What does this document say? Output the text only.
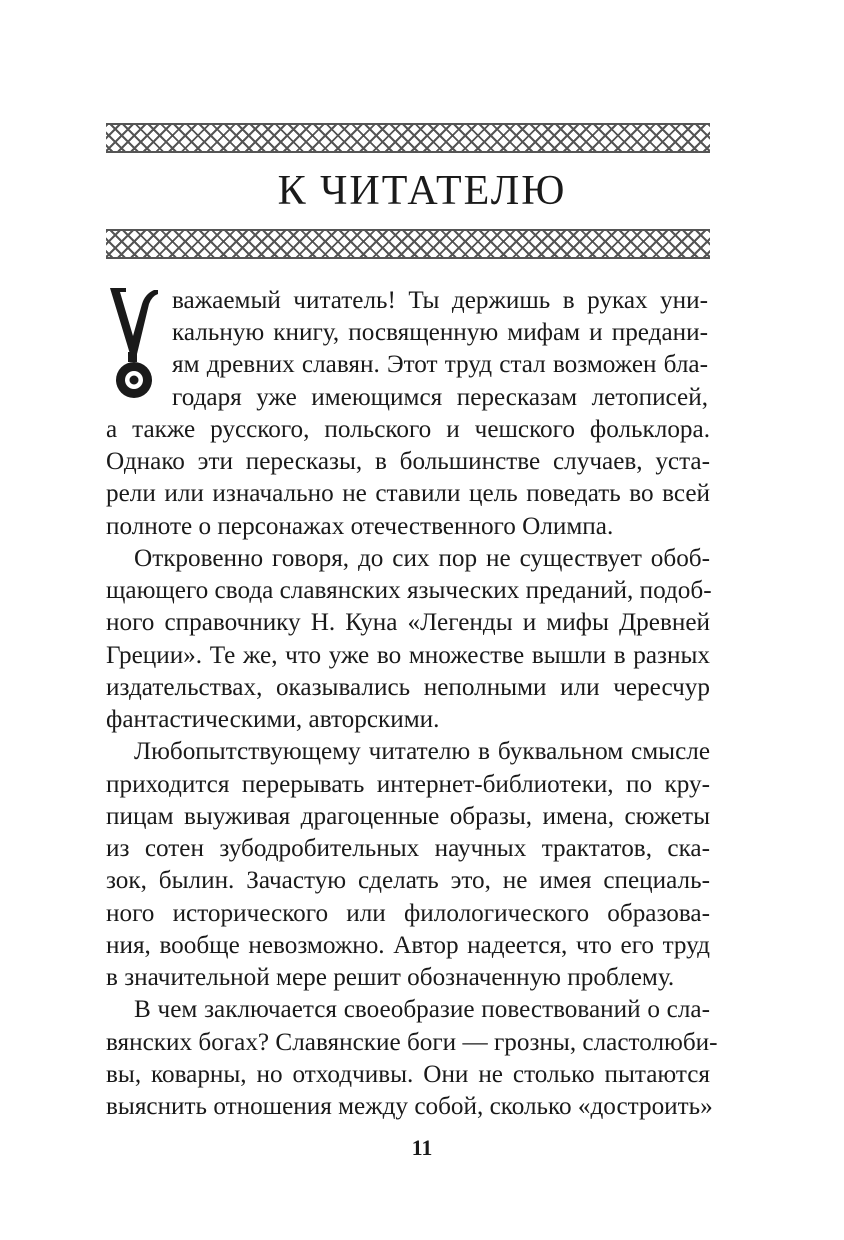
К ЧИТАТЕЛЮ
важаемый читатель! Ты держишь в руках уни-
кальную книгу, посвященную мифам и предани-
ям древних славян. Этот труд стал возможен бла-
годаря уже имеющимся пересказам летописей,
а также русского, польского и чешского фольклора.
Однако эти пересказы, в большинстве случаев, уста-
рели или изначально не ставили цель поведать во всей
полноте о персонажах отечественного Олимпа.
Откровенно говоря, до сих пор не существует обоб-
щающего свода славянских языческих преданий, подоб-
ного справочнику Н. Куна «Легенды и мифы Древней
Греции». Те же, что уже во множестве вышли в разных
издательствах, оказывались неполными или чересчур
фантастическими, авторскими.
Любопытствующему читателю в буквальном смысле
приходится перерывать интернет-библиотеки, по кру-
пицам выуживая драгоценные образы, имена, сюжеты
из сотен зубодробительных научных трактатов, ска-
зок, былин. Зачастую сделать это, не имея специаль-
ного исторического или филологического образова-
ния, вообще невозможно. Автор надеется, что его труд
в значительной мере решит обозначенную проблему.
В чем заключается своеобразие повествований о сла-
вянских богах? Славянские боги — грозны, сластолюби-
вы, коварны, но отходчивы. Они не столько пытаются
выяснить отношения между собой, сколько «достроить»
11
